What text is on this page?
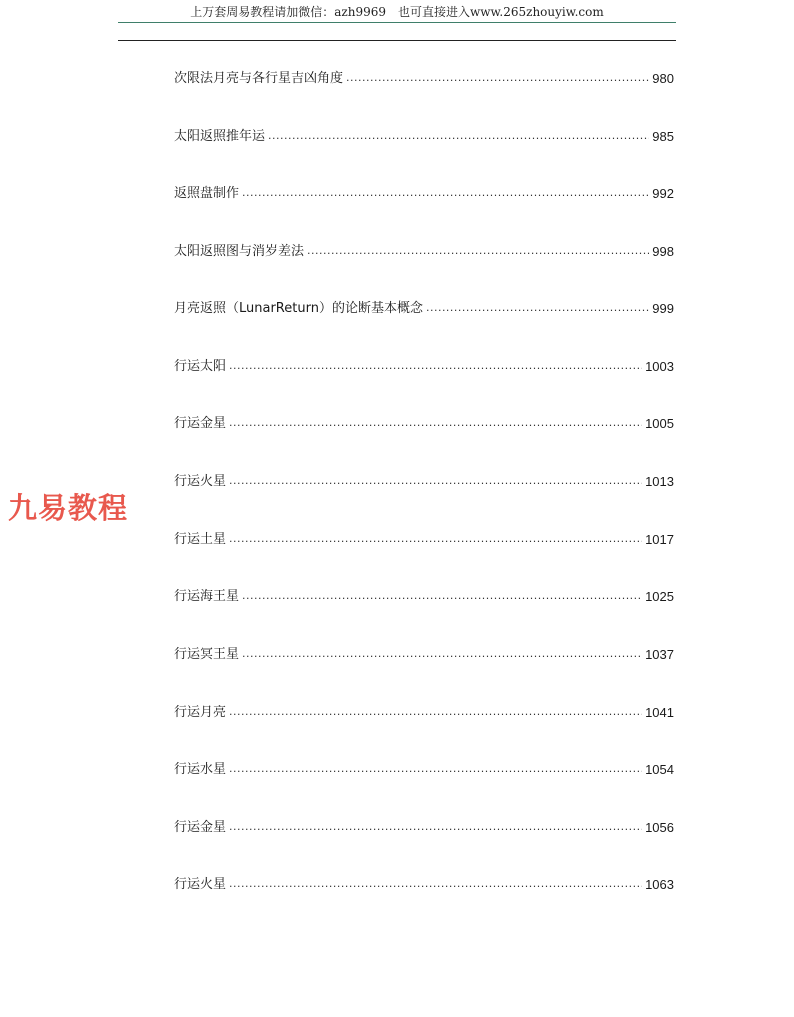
上万套周易教程请加微信：azh9969　也可直接进入www.265zhouyiw.com
次限法月亮与各行星吉凶角度 .....	980
太阳返照推年运 .....	985
返照盘制作 .....	992
太阳返照图与消岁差法 .....	998
月亮返照（LunarReturn）的论断基本概念 .....	999
行运太阳 .....	1003
行运金星 .....	1005
行运火星 .....	1013
行运土星 .....	1017
行运海王星 .....	1025
行运冥王星 .....	1037
行运月亮 .....	1041
行运水星 .....	1054
行运金星 .....	1056
行运火星 .....	1063
九易教程
